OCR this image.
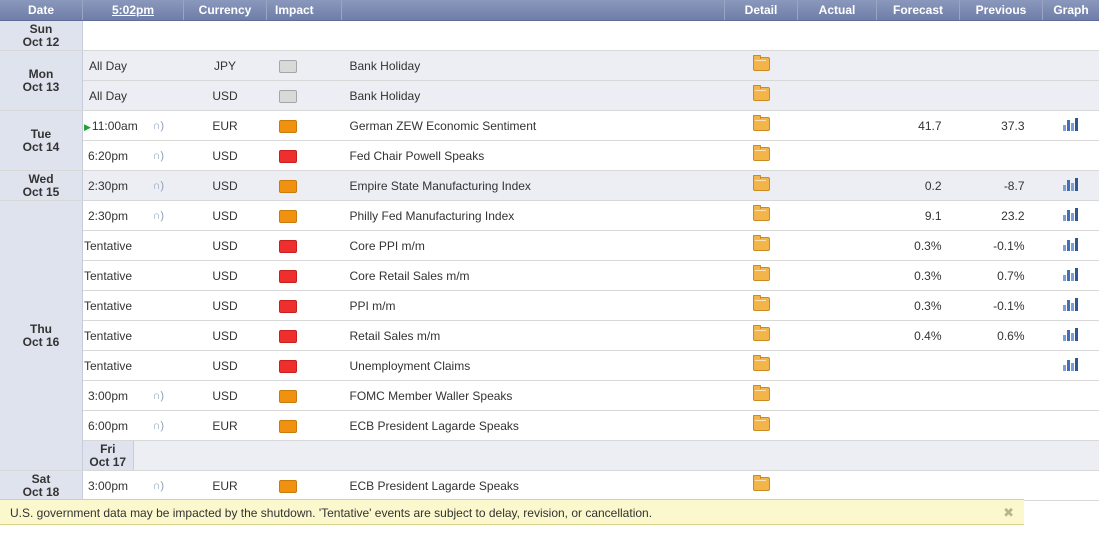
Date	5:02pm		Currency	Impact		Detail	Actual	Forecast	Previous	Graph	

Sun
Oct 12											

Mon
Oct 13	All Day		JPY		Bank Holiday						
	All Day		USD		Bank Holiday						

Tue
Oct 14	▶11:00am	∩)	EUR		German ZEW Economic Sentiment			41.7	37.3		

	6:20pm	∩)	USD		Fed Chair Powell Speaks						

Wed
Oct 15	2:30pm	∩)	USD		Empire State Manufacturing Index			0.2	-8.7		

Thu
Oct 16	2:30pm	∩)	USD		Philly Fed Manufacturing Index			9.1	23.2		

	Tentative		USD		Core PPI m/m			0.3%	-0.1%		

	Tentative		USD		Core Retail Sales m/m			0.3%	0.7%		

	Tentative		USD		PPI m/m			0.3%	-0.1%		

	Tentative		USD		Retail Sales m/m			0.4%	0.6%		

	Tentative		USD		Unemployment Claims						

	3:00pm	∩)	USD		FOMC Member Waller Speaks						
	6:00pm	∩)	EUR		ECB President Lagarde Speaks						

	Fri
Oct 17										

Sat
Oct 18	3:00pm	∩)	EUR		ECB President Lagarde Speaks						
U.S. government data may be impacted by the shutdown. 'Tentative' events are subject to delay, revision, or cancellation.	✖
